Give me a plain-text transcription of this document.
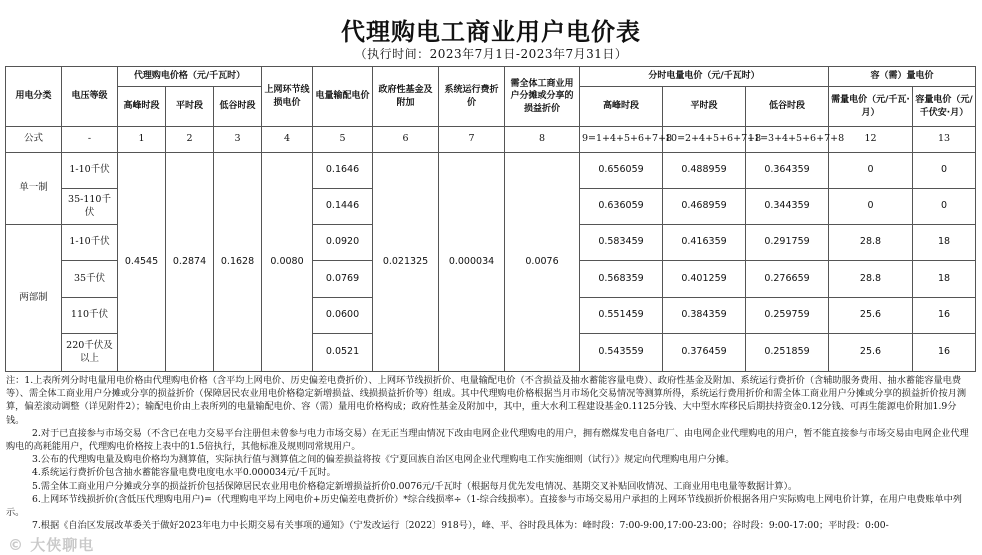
代理购电工商业用户电价表
（执行时间：2023年7月1日-2023年7月31日）
用电分类	电压等级	代理购电价格（元/千瓦时）			上网环节线损电价	电量输配电价	政府性基金及附加	系统运行费折价	需全体工商业用户分摊或分享的损益折价	分时电量电价（元/千瓦时）			容（需）量电价	
		高峰时段	平时段	低谷时段						高峰时段	平时段	低谷时段	需量电价（元/千瓦·月）	容量电价（元/千伏安·月）
公式	-	1	2	3	4	5	6	7	8	9=1+4+5+6+7+8	10=2+4+5+6+7+8	11=3+4+5+6+7+8	12	13
单一制	1-10千伏	0.4545	0.2874	0.1628	0.0080	0.1646	0.021325	0.000034	0.0076	0.656059	0.488959	0.364359	0	0
	35-110千伏					0.1446				0.636059	0.468959	0.344359	0	0
两部制	1-10千伏					0.0920				0.583459	0.416359	0.291759	28.8	18
	35千伏					0.0769				0.568359	0.401259	0.276659	28.8	18
	110千伏					0.0600				0.551459	0.384359	0.259759	25.6	16
	220千伏及以上					0.0521				0.543559	0.376459	0.251859	25.6	16

注：1.上表所列分时电量用电价格由代理购电价格（含平均上网电价、历史偏差电费折价）、上网环节线损折价、电量输配电价（不含损益及抽水蓄能容量电费）、政府性基金及附加、系统运行费折价（含辅助服务费用、抽水蓄能容量电费等）、需全体工商业用户分摊或分享的损益折价（保障居民农业用电价格稳定新增损益、线损损益折价等）组成。其中代理购电价格根据当月市场化交易情况等测算所得，系统运行费用折价和需全体工商业用户分摊或分享的损益折价按月测算，偏差滚动调整（详见附件2）；输配电价由上表所列的电量输配电价、容（需）量用电价格构成；政府性基金及附加中，其中，重大水利工程建设基金0.1125分钱、大中型水库移民后期扶持资金0.12分钱、可再生能源电价附加1.9分钱。

2.对于已直接参与市场交易（不含已在电力交易平台注册但未曾参与电力市场交易）在无正当理由情况下改由电网企业代理购电的用户，拥有燃煤发电自备电厂、由电网企业代理购电的用户，暂不能直接参与市场交易由电网企业代理购电的高耗能用户，代理购电价格按上表中的1.5倍执行，其他标准及规则同常规用户。

3.公布的代理购电量及购电价格均为测算值，实际执行值与测算值之间的偏差损益将按《宁夏回族自治区电网企业代理购电工作实施细则（试行）》规定向代理购电用户分摊。

4.系统运行费折价包含抽水蓄能容量电费电度电水平0.000034元/千瓦时。

5.需全体工商业用户分摊或分享的损益折价包括保障居民农业用电价格稳定新增损益折价0.0076元/千瓦时（根据每月优先发电情况、基期交叉补贴回收情况、工商业用电电量等数据计算）。

6.上网环节线损折价(含低压代理购电用户)=（代理购电平均上网电价+历史偏差电费折价）*综合线损率÷（1-综合线损率）。直接参与市场交易用户承担的上网环节线损折价根据各用户实际购电上网电价计算，在用户电费账单中列示。

7.根据《自治区发展改革委关于做好2023年电力中长期交易有关事项的通知》（宁发改运行〔2022〕918号），峰、平、谷时段具体为：峰时段：7:00-9:00,17:00-23:00；谷时段：9:00-17:00；平时段：0:00-

© 大侠聊电
